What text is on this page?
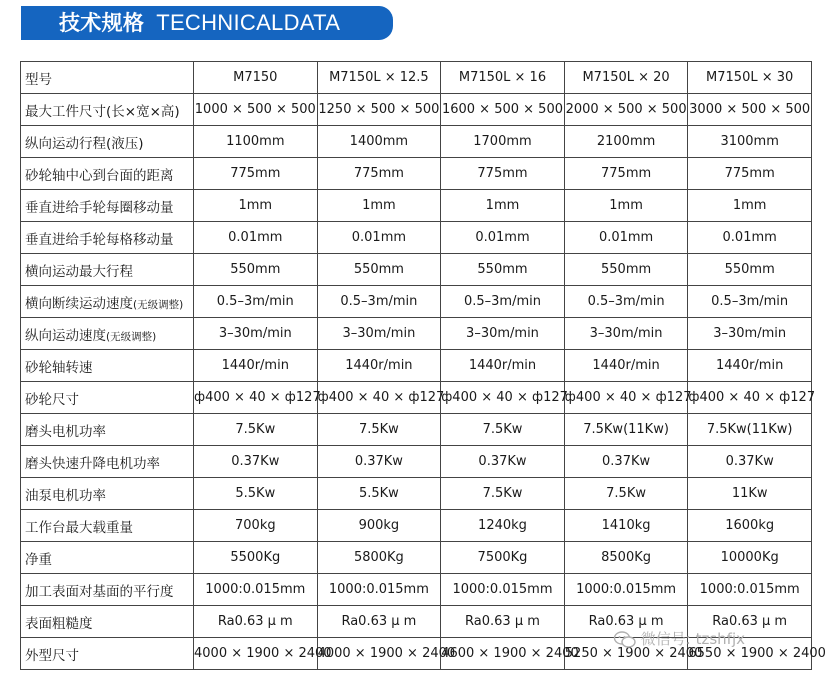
技术规格 TECHNICALDATA
型号	M7150	M7150L × 12.5	M7150L × 16	M7150L × 20	M7150L × 30
最大工件尺寸(长×宽×高)	1000 × 500 × 500	1250 × 500 × 500	1600 × 500 × 500	2000 × 500 × 500	3000 × 500 × 500
纵向运动行程(液压)	1100mm	1400mm	1700mm	2100mm	3100mm
砂轮轴中心到台面的距离	775mm	775mm	775mm	775mm	775mm
垂直进给手轮每圈移动量	1mm	1mm	1mm	1mm	1mm
垂直进给手轮每格移动量	0.01mm	0.01mm	0.01mm	0.01mm	0.01mm
横向运动最大行程	550mm	550mm	550mm	550mm	550mm
横向断续运动速度(无级调整)	0.5–3m/min	0.5–3m/min	0.5–3m/min	0.5–3m/min	0.5–3m/min
纵向运动速度(无级调整)	3–30m/min	3–30m/min	3–30m/min	3–30m/min	3–30m/min
砂轮轴转速	1440r/min	1440r/min	1440r/min	1440r/min	1440r/min
砂轮尺寸	ф400 × 40 × ф127	ф400 × 40 × ф127	ф400 × 40 × ф127	ф400 × 40 × ф127	ф400 × 40 × ф127
磨头电机功率	7.5Kw	7.5Kw	7.5Kw	7.5Kw(11Kw)	7.5Kw(11Kw)
磨头快速升降电机功率	0.37Kw	0.37Kw	0.37Kw	0.37Kw	0.37Kw
油泵电机功率	5.5Kw	5.5Kw	7.5Kw	7.5Kw	11Kw
工作台最大载重量	700kg	900kg	1240kg	1410kg	1600kg
净重	5500Kg	5800Kg	7500Kg	8500Kg	10000Kg
加工表面对基面的平行度	1000:0.015mm	1000:0.015mm	1000:0.015mm	1000:0.015mm	1000:0.015mm
表面粗糙度	Ra0.63 μ m	Ra0.63 μ m	Ra0.63 μ m	Ra0.63 μ m	Ra0.63 μ m
外型尺寸	4000 × 1900 × 2400	4000 × 1900 × 2400	4600 × 1900 × 2400	5250 × 1900 × 2400	6550 × 1900 × 2400
微信号: tzshfjx
